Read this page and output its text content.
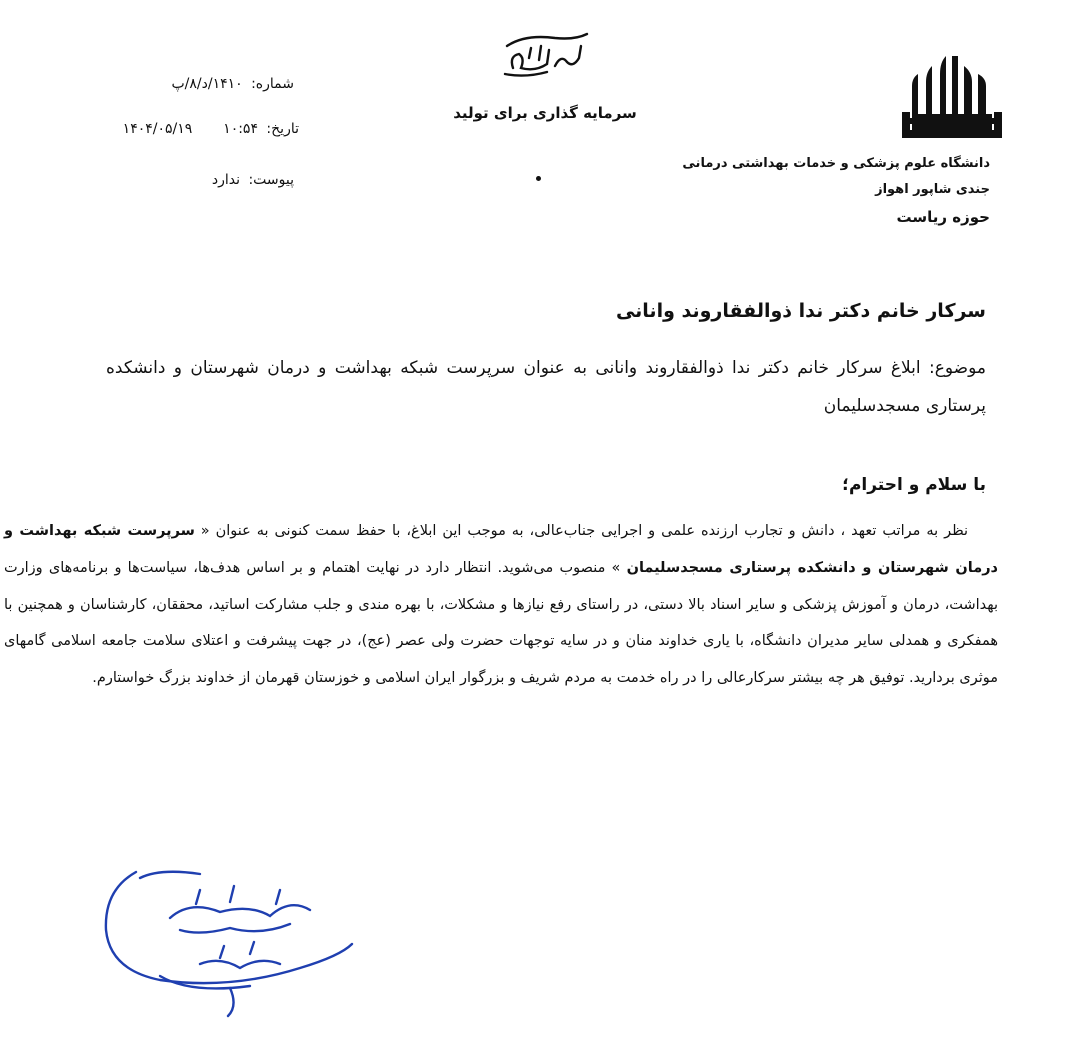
دانشگاه علوم پزشکی و خدمات بهداشتی درمانی
جندی شاپور اهواز
حوزه ریاست
سرمایه گذاری برای تولید
شماره: ۱۴۱۰/د/۸/پ
تاریخ: ۱۰:۵۴  ۱۴۰۴/۰۵/۱۹
پیوست: ندارد
سرکار خانم دکتر ندا ذوالفقاروند وانانی
موضوع: ابلاغ سرکار خانم دکتر ندا ذوالفقاروند وانانی به عنوان سرپرست شبکه بهداشت و درمان شهرستان و دانشکده پرستاری مسجدسلیمان
با سلام و احترام؛
نظر به مراتب تعهد ، دانش و تجارب ارزنده علمی و اجرایی جناب‌عالی، به موجب این ابلاغ، با حفظ سمت کنونی به عنوان « سرپرست شبکه بهداشت و درمان شهرستان و دانشکده پرستاری مسجدسلیمان » منصوب می‌شوید. انتظار دارد در نهایت اهتمام و بر اساس هدف‌ها، سیاست‌ها و برنامه‌های وزارت بهداشت، درمان و آموزش پزشکی و سایر اسناد بالا دستی، در راستای رفع نیازها و مشکلات، با بهره مندی و جلب مشارکت اساتید، محققان، کارشناسان و همچنین با همفکری و همدلی سایر مدیران دانشگاه، با یاری خداوند منان و در سایه توجهات حضرت ولی عصر (عج)، در جهت پیشرفت و اعتلای سلامت جامعه اسلامی گامهای موثری بردارید. توفیق هر چه بیشتر سرکارعالی را در راه خدمت به مردم شریف و بزرگوار ایران اسلامی و خوزستان قهرمان از خداوند بزرگ خواستارم.
